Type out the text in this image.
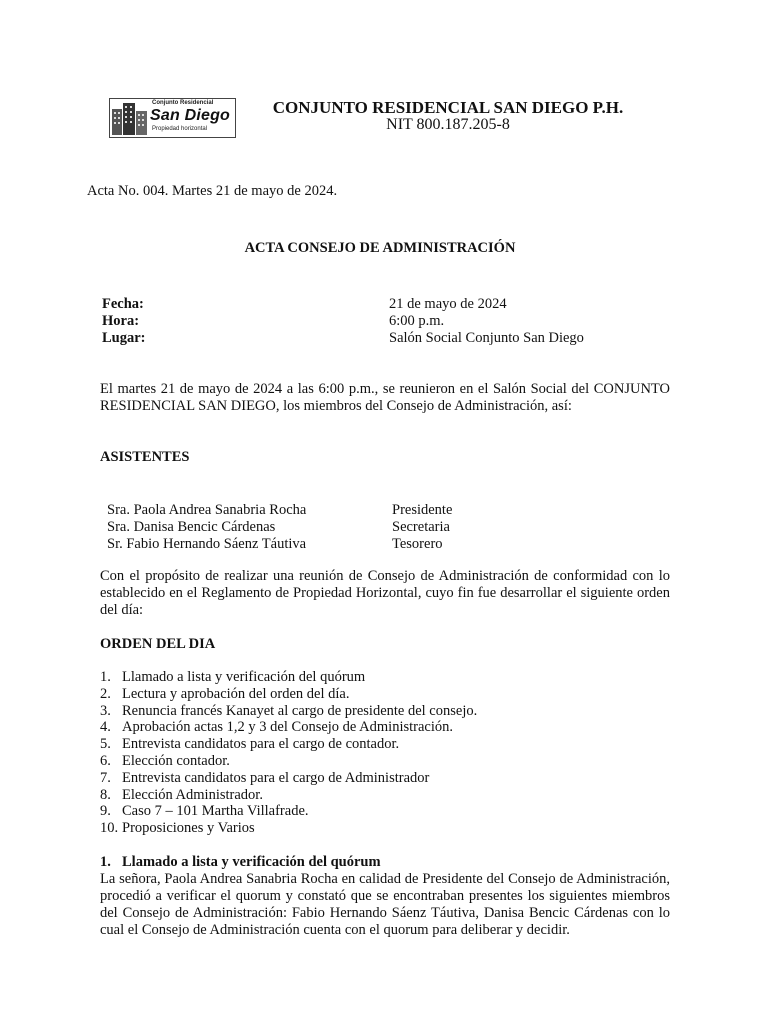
Conjunto Residencial
San Diego
Propiedad horizontal
CONJUNTO RESIDENCIAL SAN DIEGO P.H.
NIT 800.187.205-8
Acta No. 004. Martes 21 de mayo de 2024.
ACTA CONSEJO DE ADMINISTRACIÓN
Fecha:	21 de mayo de 2024
Hora:	6:00 p.m.
Lugar:	Salón Social Conjunto San Diego
El martes 21 de mayo de 2024 a las 6:00 p.m., se reunieron en el Salón Social del CONJUNTO RESIDENCIAL SAN DIEGO, los miembros del Consejo de Administración, así:
ASISTENTES
Sra. Paola Andrea Sanabria Rocha	Presidente
Sra. Danisa Bencic Cárdenas	Secretaria
Sr. Fabio Hernando Sáenz Táutiva	Tesorero
Con el propósito de realizar una reunión de Consejo de Administración de conformidad con lo establecido en el Reglamento de Propiedad Horizontal, cuyo fin fue desarrollar el siguiente orden del día:
ORDEN DEL DIA
1. Llamado a lista y verificación del quórum
2. Lectura y aprobación del orden del día.
3. Renuncia francés Kanayet al cargo de presidente del consejo.
4. Aprobación actas 1,2 y 3 del Consejo de Administración.
5. Entrevista candidatos para el cargo de contador.
6. Elección contador.
7. Entrevista candidatos para el cargo de Administrador
8. Elección Administrador.
9. Caso 7 – 101 Martha Villafrade.
10. Proposiciones y Varios
1. Llamado a lista y verificación del quórum
La señora, Paola Andrea Sanabria Rocha en calidad de Presidente del Consejo de Administración, procedió a verificar el quorum y constató que se encontraban presentes los siguientes miembros del Consejo de Administración: Fabio Hernando Sáenz Táutiva, Danisa Bencic Cárdenas con lo cual el Consejo de Administración cuenta con el quorum para deliberar y decidir.
